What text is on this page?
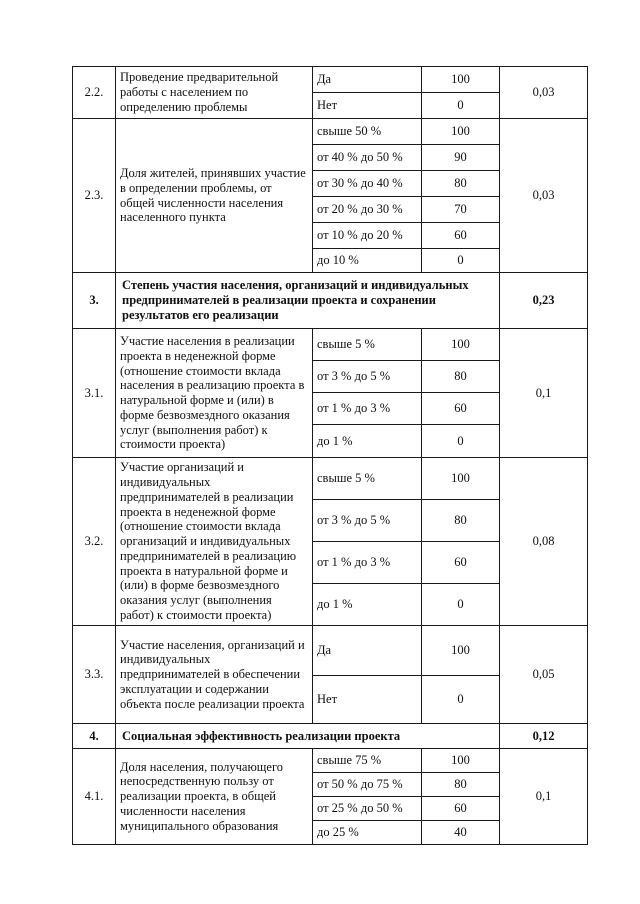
2.2.	Проведение предварительной работы с населением по определению проблемы	Да	100	0,03
		Нет	0	
2.3.	Доля жителей, принявших участие в определении проблемы, от общей численности населения населенного пункта	свыше 50 %	100	0,03
		от 40 % до 50 %	90	
		от 30 % до 40 %	80	
		от 20 % до 30 %	70	
		от 10 % до 20 %	60	
		до 10 %	0	
3.	Степень участия населения, организаций и индивидуальных предпринимателей в реализации проекта и сохранении результатов его реализации			0,23
3.1.	Участие населения в реализации проекта в неденежной форме (отношение стоимости вклада населения в реализацию проекта в натуральной форме и (или) в форме безвозмездного оказания услуг (выполнения работ) к стоимости проекта)	свыше 5 %	100	0,1
		от 3 % до 5 %	80	
		от 1 % до 3 %	60	
		до 1 %	0	
3.2.	Участие организаций и индивидуальных предпринимателей в реализации проекта в неденежной форме (отношение стоимости вклада организаций и индивидуальных предпринимателей в реализацию проекта в натуральной форме и (или) в форме безвозмездного оказания услуг (выполнения работ) к стоимости проекта)	свыше 5 %	100	0,08
		от 3 % до 5 %	80	
		от 1 % до 3 %	60	
		до 1 %	0	
3.3.	Участие населения, организаций и индивидуальных предпринимателей в обеспечении эксплуатации и содержании объекта после реализации проекта	Да	100	0,05
		Нет	0	
4.	Социальная эффективность реализации проекта			0,12
4.1.	Доля населения, получающего непосредственную пользу от реализации проекта, в общей численности населения муниципального образования	свыше 75 %	100	0,1
		от 50 % до 75 %	80	
		от 25 % до 50 %	60	
		до 25 %	40	
